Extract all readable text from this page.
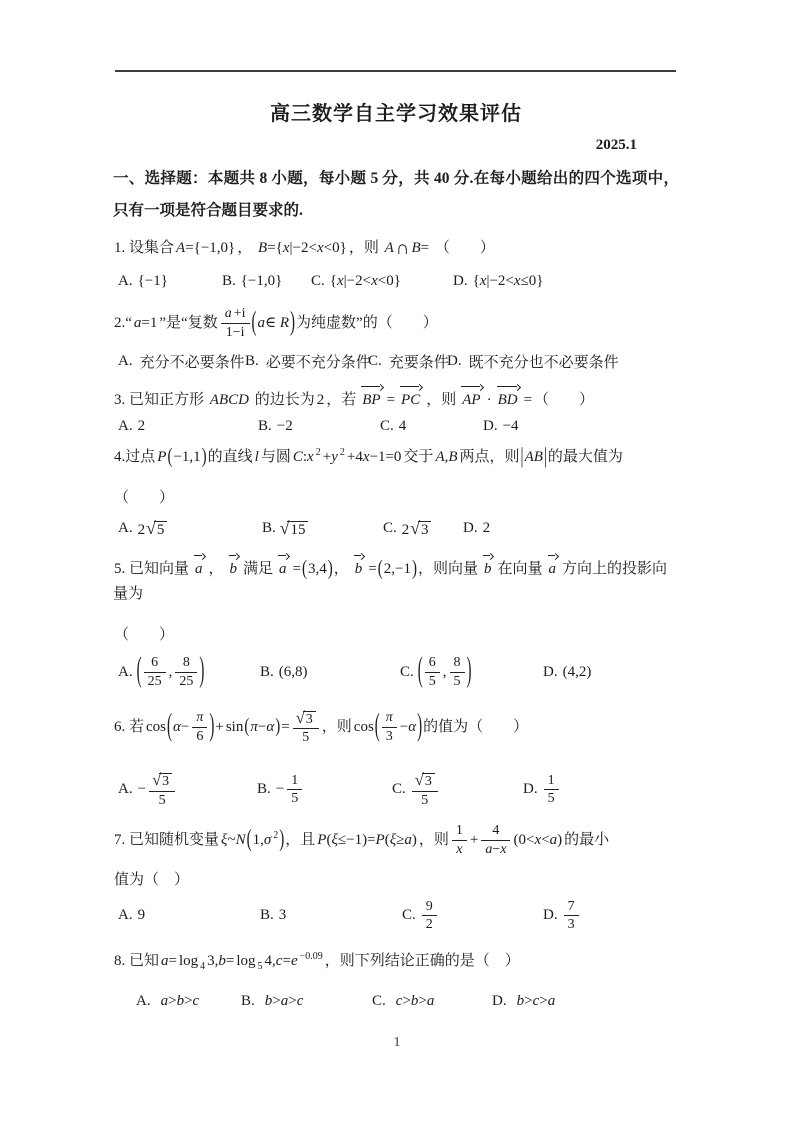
高三数学自主学习效果评估
2025.1
一、选择题：本题共 8 小题，每小题 5 分，共 40 分.在每小题给出的四个选项中，
只有一项是符合题目要求的.
1. 设集合 A={−1,0} ， B={x|−2<x<0} ，则 A ∩ B= （　　）
A. {−1}	B. {−1,0} C. {x|−2<x<0}	D. {x|−2<x≤0}
2.“ a=1 ”是“复数 $\frac{a +i}{1-i}$ (a∈ R)为纯虚数”的（　　）
A. 充分不必要条件 B. 必要不充分条件
C. 充要条件
D. 既不充分也不必要条件
3. 已知正方形 ABCD 的边长为 2 ，若 BP = PC ，则 AP · BD = （　　）
A. 2	B. −2	C. 4	D. −4
4.过点 P(−1,1)的直线 l 与圆 C:x $^2$ +y $^2$ +4x−1=0 交于 A,B 两点，则|AB|的最大值为
（　　）
A. 2√5	B. √15	C. 2√3 D. 2
5. 已知向量 a ， b 满足 a =(3,4)， b =(2,−1)，则向量 b 在向量 a 方向上的投影向量为
（　　）
A. ( $\frac{6}{25}$ , $\frac{8}{25}$ )	B. (6,8)	C. ( $\frac{6}{5}$ , $\frac{8}{5}$ )	D. (4,2)
6. 若 $\cos(\alpha- \frac{\pi}{6}$ )+ $\sin(\pi-\alpha)= \frac{√3}{5}$ ，则 $\cos( \frac{\pi}{3} -\alpha)$的值为（　　）
A. − $\frac{√3}{5}$	B. − $\frac{1}{5}$	C. $\frac{√3}{5}$	D. $\frac{1}{5}$
7. 已知随机变量 ξ~N(1,σ $^2$)，且 P(ξ≤−1)=P(ξ≥a) ，则 $\frac{1}{x} + \frac{4}{a-x} (0<x<a)$ 的最小
值为（　）
A. 9	B. 3	C. $\frac{9}{2}$	D. $\frac{7}{3}$
8. 已知 a= log $_4$ 3,b= log $_5$ 4,c=e $^{-0.09}$ ，则下列结论正确的是（　）
A. a>b>c	B. b>a>c	C. c>b>a	D. b>c>a
1
